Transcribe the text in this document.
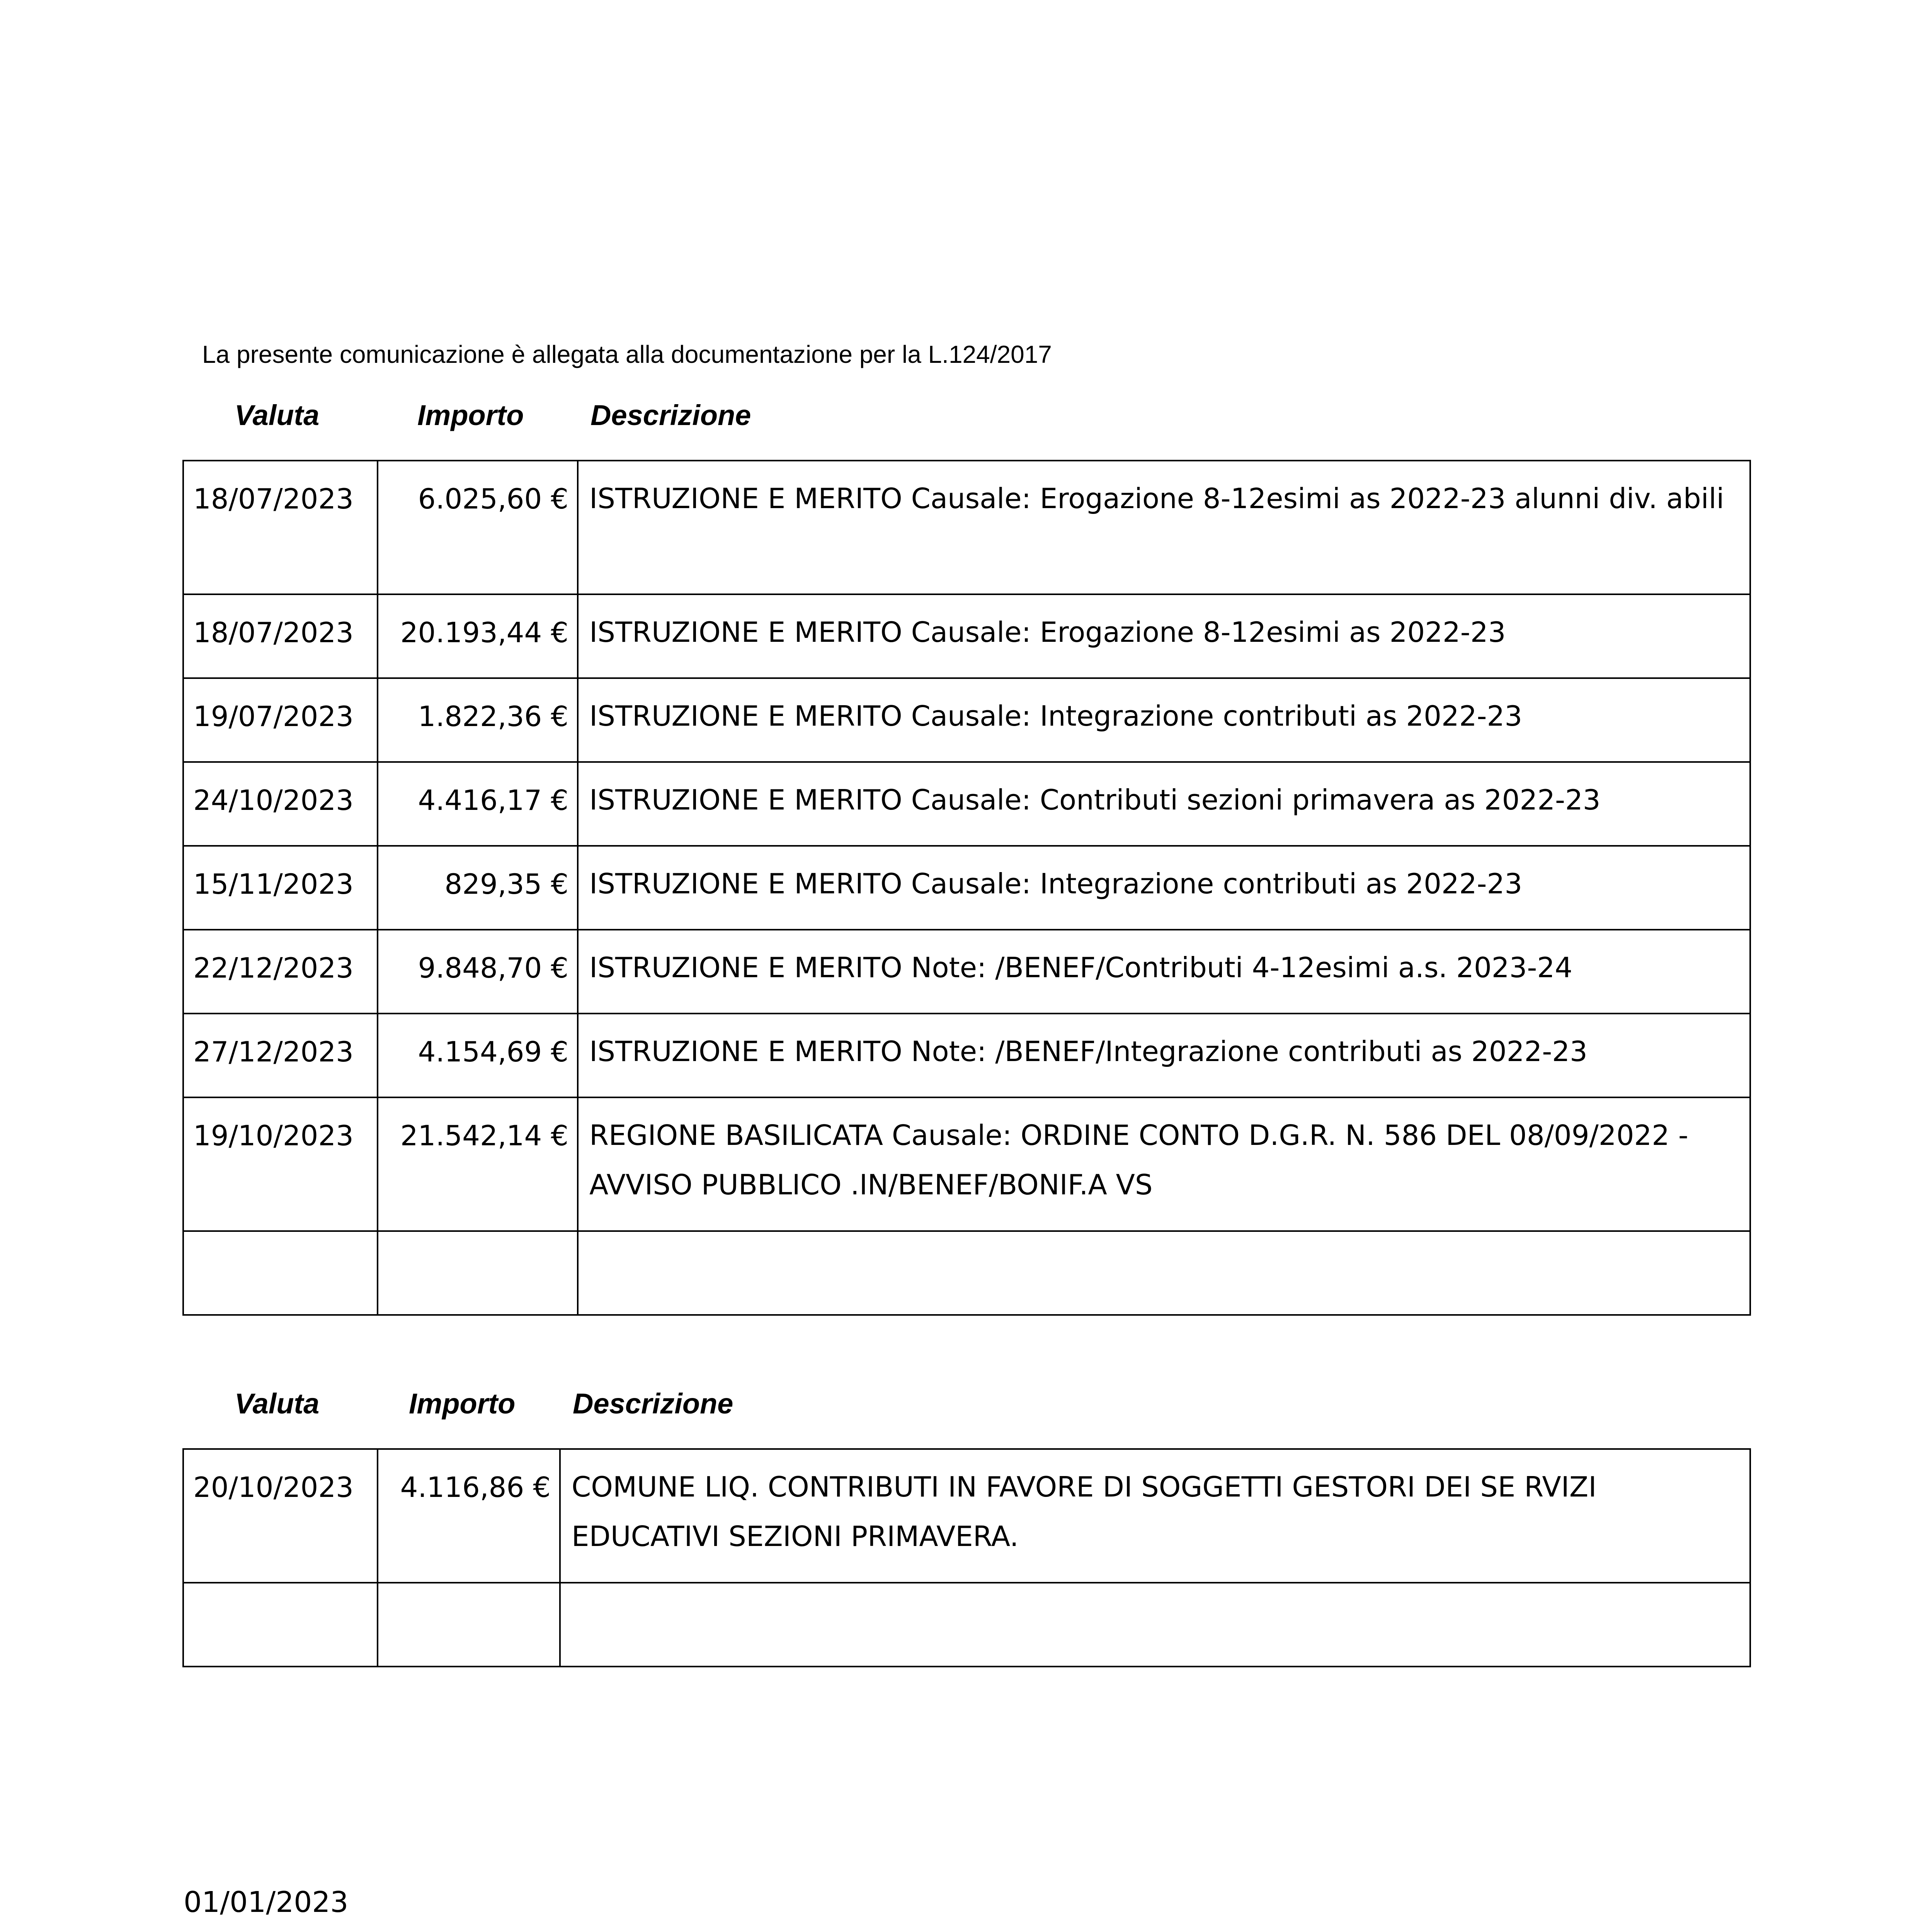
La presente comunicazione è allegata alla documentazione per la L.124/2017

Valuta	Importo Descrizione

18/07/2023	6.025,60 €	ISTRUZIONE E MERITO Causale: Erogazione 8-12esimi as 2022-23 alunni div. abili
18/07/2023	20.193,44 €	ISTRUZIONE E MERITO Causale: Erogazione 8-12esimi as 2022-23
19/07/2023	1.822,36 €	ISTRUZIONE E MERITO Causale: Integrazione contributi as 2022-23
24/10/2023	4.416,17 €	ISTRUZIONE E MERITO Causale: Contributi sezioni primavera as 2022-23
15/11/2023	829,35 €	ISTRUZIONE E MERITO Causale: Integrazione contributi as 2022-23
22/12/2023	9.848,70 €	ISTRUZIONE E MERITO Note: /BENEF/Contributi 4-12esimi a.s. 2023-24
27/12/2023	4.154,69 €	ISTRUZIONE E MERITO Note: /BENEF/Integrazione contributi as 2022-23
19/10/2023	21.542,14 €	REGIONE BASILICATA Causale: ORDINE CONTO D.G.R. N. 586 DEL 08/09/2022 - AVVISO PUBBLICO .IN/BENEF/BONIF.A VS

Valuta	Importo Descrizione

20/10/2023	4.116,86 €	COMUNE LIQ. CONTRIBUTI IN FAVORE DI SOGGETTI GESTORI DEI SE RVIZI EDUCATIVI SEZIONI PRIMAVERA.

01/01/2023
